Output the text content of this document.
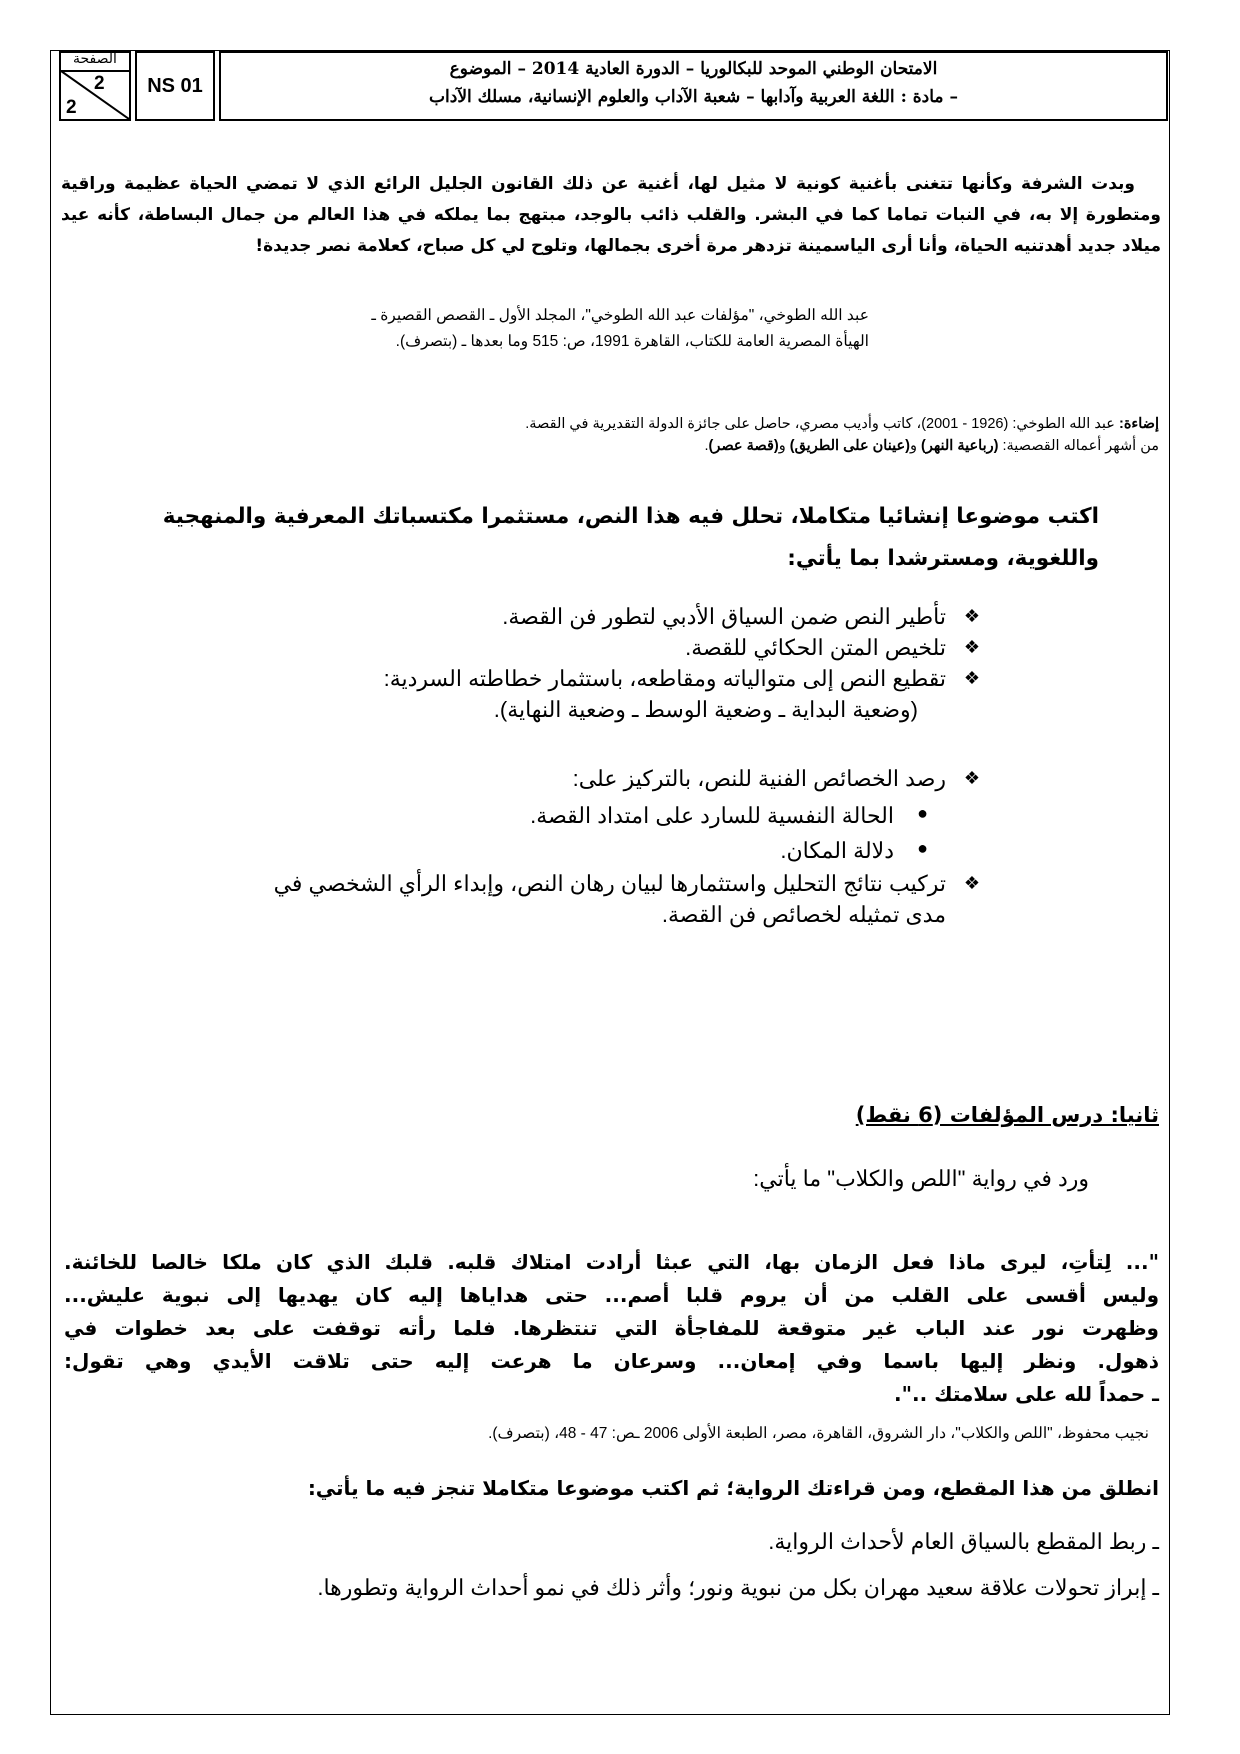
الصفحة
2
2
NS 01
الامتحان الوطني الموحد للبكالوريا – الدورة العادية 2014 – الموضوع
– مادة : اللغة العربية وآدابها – شعبة الآداب والعلوم الإنسانية، مسلك الآداب
وبدت الشرفة وكأنها تتغنى بأغنية كونية لا مثيل لها، أغنية عن ذلك القانون الجليل الرائع الذي لا تمضي الحياة عظيمة وراقية ومتطورة إلا به، في النبات تماما كما في البشر. والقلب ذائب بالوجد، مبتهج بما يملكه في هذا العالم من جمال البساطة، كأنه عيد ميلاد جديد أهدتنيه الحياة، وأنا أرى الياسمينة تزدهر مرة أخرى بجمالها، وتلوح لي كل صباح، كعلامة نصر جديدة!
عبد الله الطوخي، "مؤلفات عبد الله الطوخي"، المجلد الأول ـ القصص القصيرة ـ
الهيأة المصرية العامة للكتاب، القاهرة 1991، ص: 515 وما بعدها ـ (بتصرف).
إضاءة: عبد الله الطوخي: (1926 - 2001)، كاتب وأديب مصري، حاصل على جائزة الدولة التقديرية في القصة.
من أشهر أعماله القصصية: (رباعية النهر) و(عينان على الطريق) و(قصة عصر).
اكتب موضوعا إنشائيا متكاملا، تحلل فيه هذا النص، مستثمرا مكتسباتك المعرفية والمنهجية واللغوية، ومسترشدا بما يأتي:
❖
تأطير النص ضمن السياق الأدبي لتطور فن القصة.
❖
تلخيص المتن الحكائي للقصة.
❖
تقطيع النص إلى متوالياته ومقاطعه، باستثمار خطاطته السردية:
(وضعية البداية ـ وضعية الوسط ـ وضعية النهاية).
❖
رصد الخصائص الفنية للنص، بالتركيز على:
●
الحالة النفسية للسارد على امتداد القصة.
●
دلالة المكان.
❖
تركيب نتائج التحليل واستثمارها لبيان رهان النص، وإبداء الرأي الشخصي في
مدى تمثيله لخصائص فن القصة.
ثانيا: درس المؤلفات (6 نقط)
ورد في رواية "اللص والكلاب" ما يأتي:
"... لِتأتِ، ليرى ماذا فعل الزمان بها، التي عبثا أرادت امتلاك قلبه. قلبك الذي كان ملكا خالصا للخائنة.
وليس أقسى على القلب من أن يروم قلبا أصم... حتى هداياها إليه كان يهديها إلى نبوية عليش...
وظهرت نور عند الباب غير متوقعة للمفاجأة التي تنتظرها. فلما رأته توقفت على بعد خطوات في
ذهول. ونظر إليها باسما وفي إمعان... وسرعان ما هرعت إليه حتى تلاقت الأيدي وهي تقول:
ـ حمداً لله على سلامتك ..".
نجيب محفوظ، "اللص والكلاب"، دار الشروق، القاهرة، مصر، الطبعة الأولى 2006 ـص: 47 - 48، (بتصرف).
انطلق من هذا المقطع، ومن قراءتك الرواية؛ ثم اكتب موضوعا متكاملا تنجز فيه ما يأتي:
ـ ربط المقطع بالسياق العام لأحداث الرواية.
ـ إبراز تحولات علاقة سعيد مهران بكل من نبوية ونور؛ وأثر ذلك في نمو أحداث الرواية وتطورها.
